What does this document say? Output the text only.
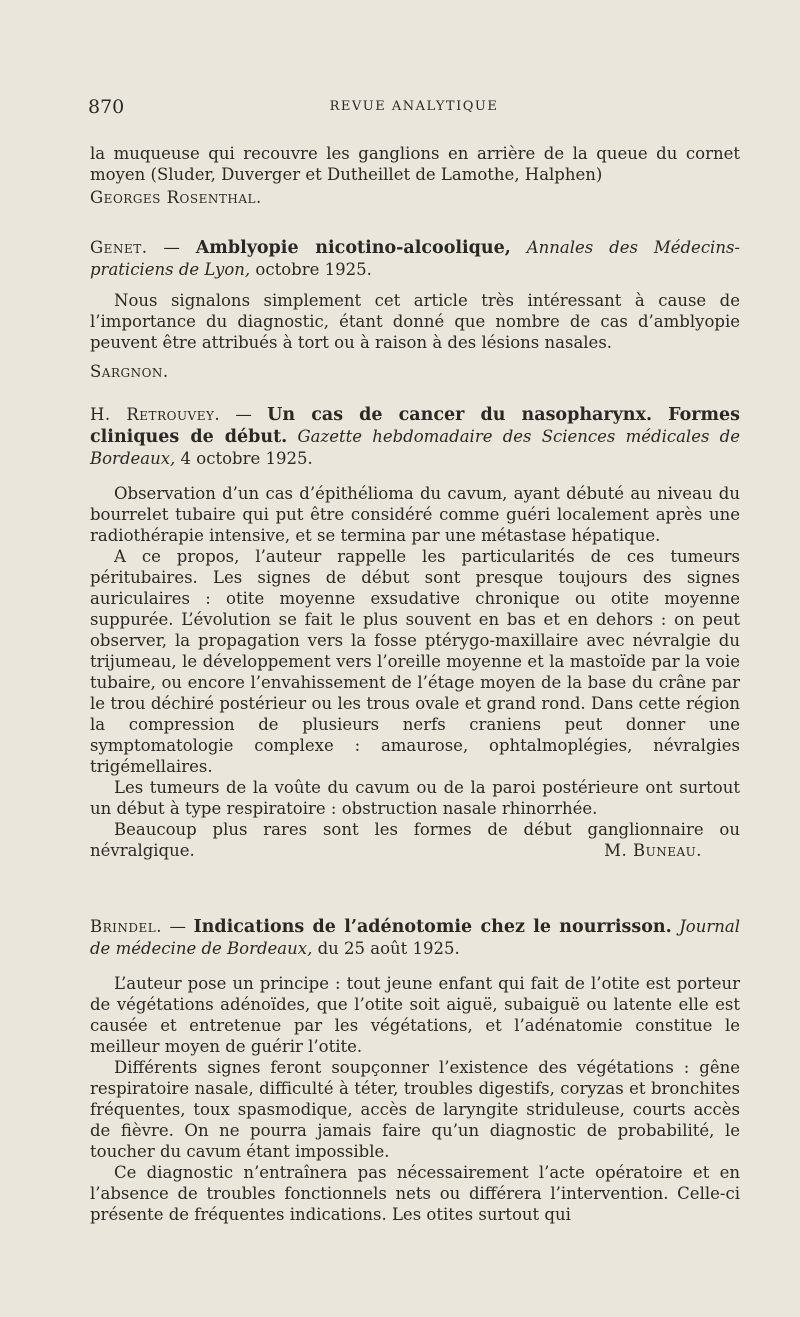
870	REVUE ANALYTIQUE

la muqueuse qui recouvre les ganglions en arrière de la queue du cornet moyen (Sluder, Duverger et Dutheillet de Lamothe, Halphen)

Georges Rosenthal.

Genet. — Amblyopie nicotino-alcoolique, Annales des Médecins-praticiens de Lyon, octobre 1925.

Nous signalons simplement cet article très intéressant à cause de l’importance du diagnostic, étant donné que nombre de cas d’amblyopie peuvent être attribués à tort ou à raison à des lésions nasales.

Sargnon.

H. Retrouvey. — Un cas de cancer du nasopharynx. Formes cliniques de début. Gazette hebdomadaire des Sciences médicales de Bordeaux, 4 octobre 1925.

Observation d’un cas d’épithélioma du cavum, ayant débuté au niveau du bourrelet tubaire qui put être considéré comme guéri localement après une radiothérapie intensive, et se termina par une métastase hépatique.

A ce propos, l’auteur rappelle les particularités de ces tumeurs péritubaires. Les signes de début sont presque toujours des signes auriculaires : otite moyenne exsudative chronique ou otite moyenne suppurée. L’évolution se fait le plus souvent en bas et en dehors : on peut observer, la propagation vers la fosse ptérygo-maxillaire avec névralgie du trijumeau, le développement vers l’oreille moyenne et la mastoïde par la voie tubaire, ou encore l’envahissement de l’étage moyen de la base du crâne par le trou déchiré postérieur ou les trous ovale et grand rond. Dans cette région la compression de plusieurs nerfs craniens peut donner une symptomatologie complexe : amaurose, ophtalmoplégies, névralgies trigémellaires.

Les tumeurs de la voûte du cavum ou de la paroi postérieure ont surtout un début à type respiratoire : obstruction nasale rhinorrhée.

Beaucoup plus rares sont les formes de début ganglionnaire ou névralgique.	M. Buneau.

Brindel. — Indications de l’adénotomie chez le nourrisson. Journal de médecine de Bordeaux, du 25 août 1925.

L’auteur pose un principe : tout jeune enfant qui fait de l’otite est porteur de végétations adénoïdes, que l’otite soit aiguë, subaiguë ou latente elle est causée et entretenue par les végétations, et l’adénatomie constitue le meilleur moyen de guérir l’otite.

Différents signes feront soupçonner l’existence des végétations : gêne respiratoire nasale, difficulté à téter, troubles digestifs, coryzas et bronchites fréquentes, toux spasmodique, accès de laryngite striduleuse, courts accès de fièvre. On ne pourra jamais faire qu’un diagnostic de probabilité, le toucher du cavum étant impossible.

Ce diagnostic n’entraînera pas nécessairement l’acte opératoire et en l’absence de troubles fonctionnels nets ou différera l’intervention. Celle-ci présente de fréquentes indications. Les otites surtout qui
